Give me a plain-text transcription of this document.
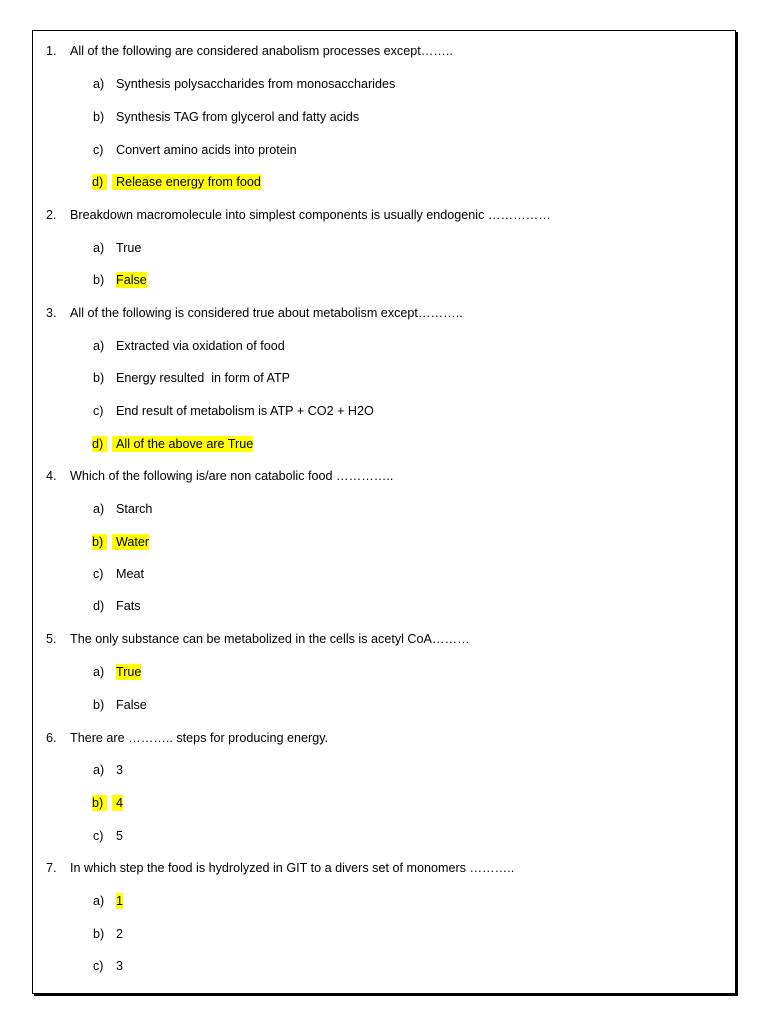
1. All of the following are considered anabolism processes except……..
a) Synthesis polysaccharides from monosaccharides
b) Synthesis TAG from glycerol and fatty acids
c) Convert amino acids into protein
d)	Release energy from food
2. Breakdown macromolecule into simplest components is usually endogenic ……………
a) True
b) False
3. All of the following is considered true about metabolism except………..
a) Extracted via oxidation of food
b) Energy resulted  in form of ATP
c) End result of metabolism is ATP + CO2 + H2O
d)	All of the above are True
4. Which of the following is/are non catabolic food …………..
a) Starch
b)	Water
c) Meat
d) Fats
5. The only substance can be metabolized in the cells is acetyl CoA………
a) True
b) False
6. There are ……….. steps for producing energy.
a) 3
b)	4
c) 5
7. In which step the food is hydrolyzed in GIT to a divers set of monomers ………..
a) 1
b) 2
c) 3
